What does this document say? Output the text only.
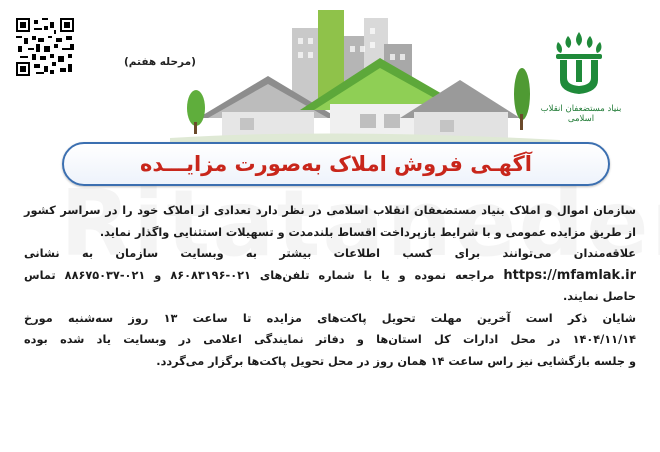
(مرحله هفتم)
بنیاد مستضعفان انقلاب اسلامی
آگهـی فروش املاک به‌صورت مزایـــده
سازمان اموال و املاک بنیاد مستضعفان انقلاب اسلامی در نظر دارد تعدادی از املاک خود را در سراسر کشور
از طریق مزایده عمومی و با شرایط بازپرداخت اقساط بلندمدت و تسهیلات استثنایی واگذار نماید.
علاقه‌مندان می‌توانند برای کسب اطلاعات بیشتر به وبسایت سازمان به نشانی
https://mfamlak.ir مراجعه نموده و یا با شماره تلفن‌های ۰۲۱-۸۶۰۸۳۱۹۶ و ۰۲۱-۸۸۶۷۵۰۳۷ تماس
حاصل نمایند.
شایان ذکر است آخرین مهلت تحویل پاکت‌های مزایده تا ساعت ۱۳ روز سه‌شنبه مورخ
۱۴۰۴/۱۱/۱۴ در محل ادارات کل استان‌ها و دفاتر نمایندگی اعلامی در وبسایت یاد شده بوده
و جلسه بازگشایی نیز راس ساعت ۱۴ همان روز در محل تحویل پاکت‌ها برگزار می‌گردد.
